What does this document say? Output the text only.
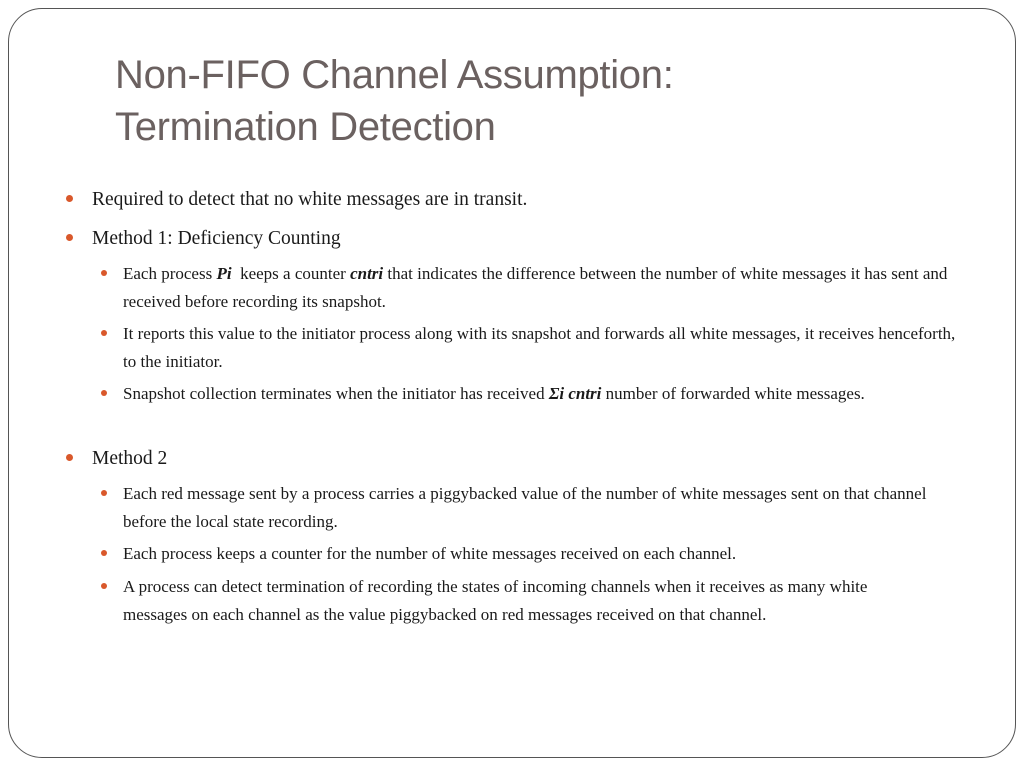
Non-FIFO Channel Assumption:
Termination Detection
Required to detect that no white messages are in transit.
Method 1: Deficiency Counting
Each process Pi  keeps a counter cntri that indicates the difference between the number of white messages it has sent and received before recording its snapshot.
It reports this value to the initiator process along with its snapshot and forwards all white messages, it receives henceforth, to the initiator.
Snapshot collection terminates when the initiator has received Σi cntri number of forwarded white messages.
Method 2
Each red message sent by a process carries a piggybacked value of the number of white messages sent on that channel before the local state recording.
Each process keeps a counter for the number of white messages received on each channel.
A process can detect termination of recording the states of incoming channels when it receives as many white messages on each channel as the value piggybacked on red messages received on that channel.
